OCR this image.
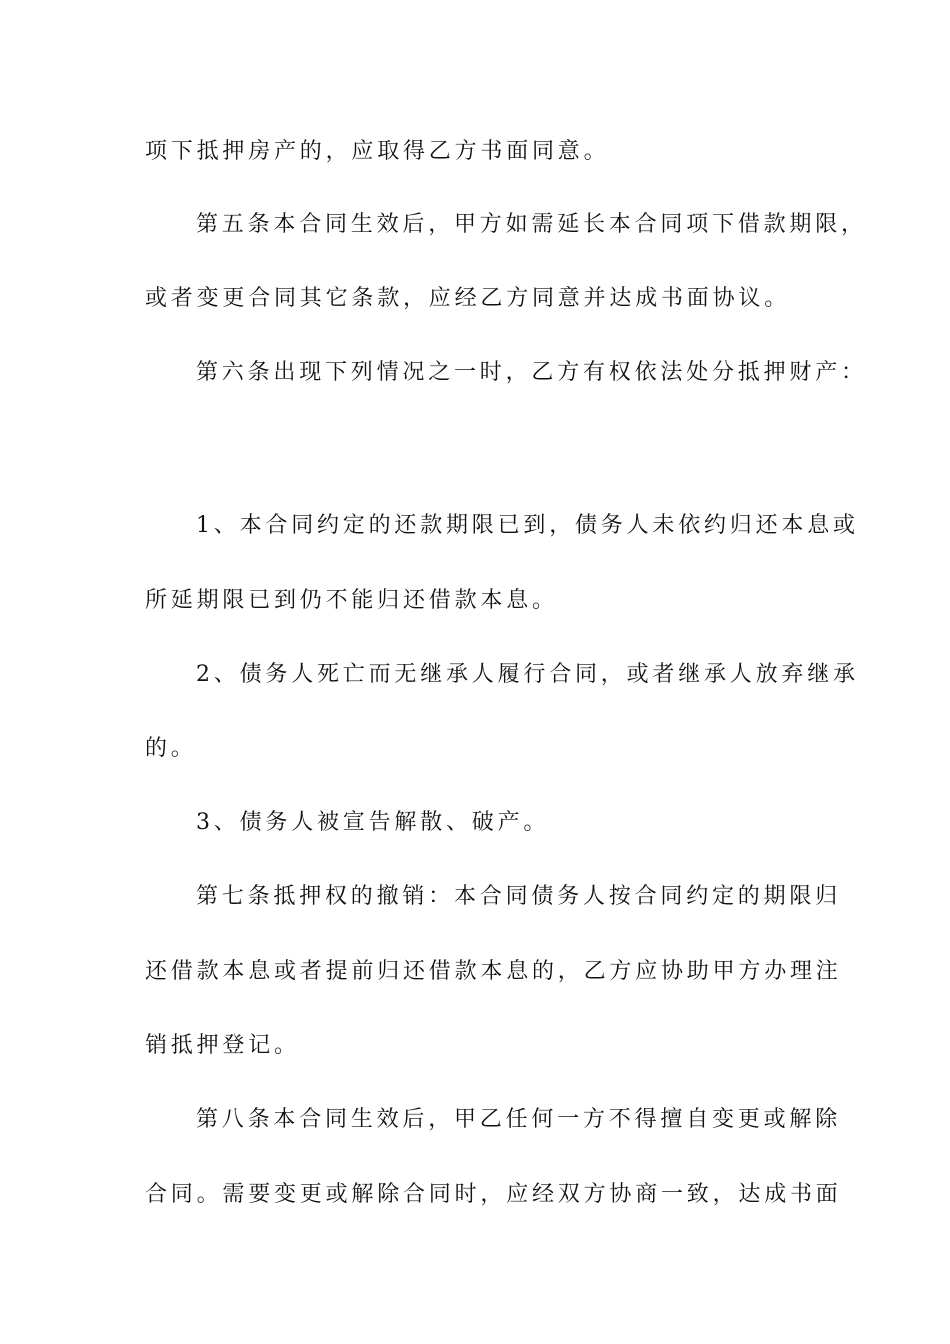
项下抵押房产的，应取得乙方书面同意。
第五条本合同生效后，甲方如需延长本合同项下借款期限，
或者变更合同其它条款，应经乙方同意并达成书面协议。
第六条出现下列情况之一时，乙方有权依法处分抵押财产：
1、本合同约定的还款期限已到，债务人未依约归还本息或
所延期限已到仍不能归还借款本息。
2、债务人死亡而无继承人履行合同，或者继承人放弃继承
的。
3、债务人被宣告解散、破产。
第七条抵押权的撤销：本合同债务人按合同约定的期限归
还借款本息或者提前归还借款本息的，乙方应协助甲方办理注
销抵押登记。
第八条本合同生效后，甲乙任何一方不得擅自变更或解除
合同。需要变更或解除合同时，应经双方协商一致，达成书面
